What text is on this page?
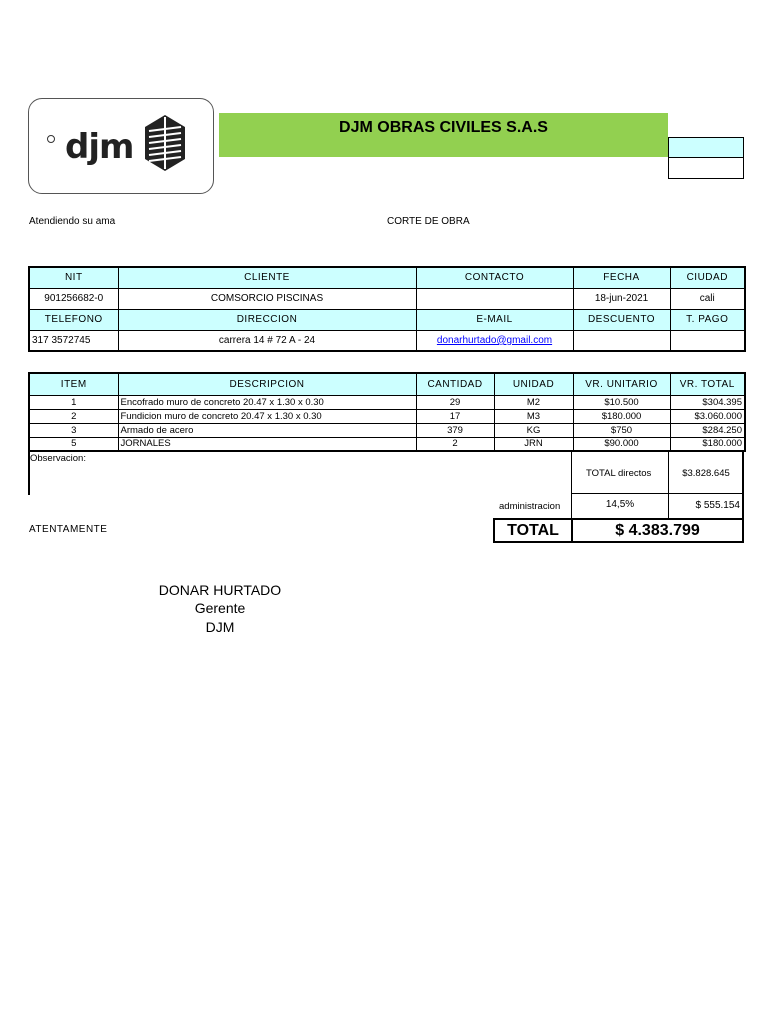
djm	DJM OBRAS CIVILES S.A.S
Atendiendo su ama	CORTE DE OBRA
NIT	CLIENTE	CONTACTO	FECHA	CIUDAD
901256682-0	COMSORCIO PISCINAS		18-jun-2021	cali
TELEFONO	DIRECCION	E-MAIL	DESCUENTO	T. PAGO
317 3572745	carrera 14 # 72 A - 24	donarhurtado@gmail.com		
ITEM	DESCRIPCION	CANTIDAD	UNIDAD	VR. UNITARIO	VR. TOTAL
1	Encofrado muro de concreto 20.47 x 1.30 x 0.30	29	M2	$10.500	$304.395
2	Fundicion muro de concreto 20.47 x 1.30 x 0.30	17	M3	$180.000	$3.060.000
3	Armado de acero	379	KG	$750	$284.250
5	JORNALES	2	JRN	$90.000	$180.000
Observacion:
TOTAL directos	$3.828.645
administracion	14,5%	$ 555.154
TOTAL	$ 4.383.799
ATENTAMENTE
DONAR HURTADO
Gerente
DJM
